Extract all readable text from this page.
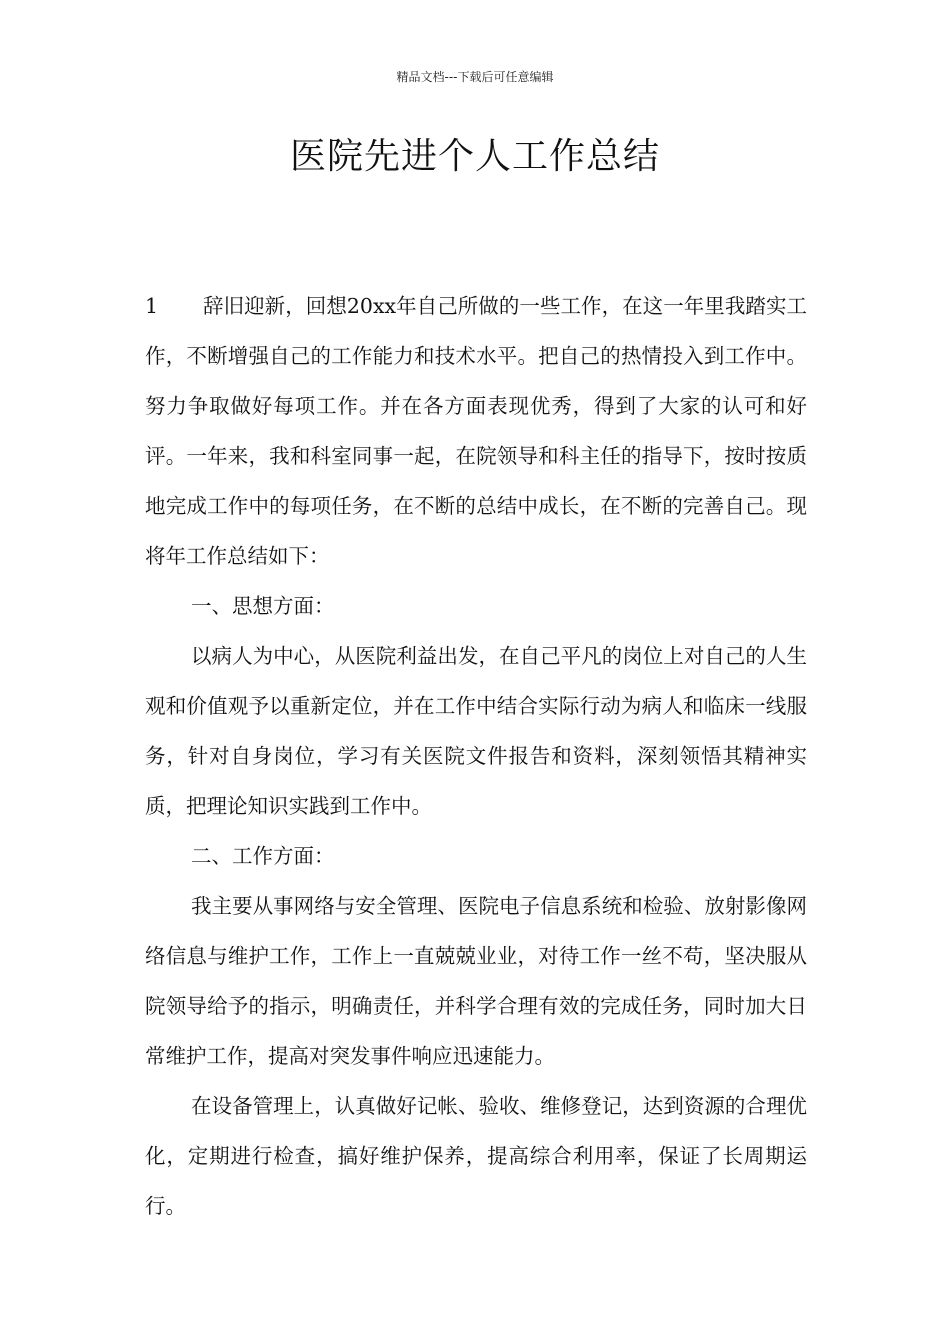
精品文档---下载后可任意编辑
医院先进个人工作总结

1 辞旧迎新，回想20xx年自己所做的一些工作，在这一年里我踏实工作，不断增强自己的工作能力和技术水平。把自己的热情投入到工作中。努力争取做好每项工作。并在各方面表现优秀，得到了大家的认可和好评。一年来，我和科室同事一起，在院领导和科主任的指导下，按时按质地完成工作中的每项任务，在不断的总结中成长，在不断的完善自己。现将年工作总结如下：

一、思想方面：

以病人为中心，从医院利益出发，在自己平凡的岗位上对自己的人生观和价值观予以重新定位，并在工作中结合实际行动为病人和临床一线服务，针对自身岗位，学习有关医院文件报告和资料，深刻领悟其精神实质，把理论知识实践到工作中。

二、工作方面：

我主要从事网络与安全管理、医院电子信息系统和检验、放射影像网络信息与维护工作，工作上一直兢兢业业，对待工作一丝不苟，坚决服从院领导给予的指示，明确责任，并科学合理有效的完成任务，同时加大日常维护工作，提高对突发事件响应迅速能力。

在设备管理上，认真做好记帐、验收、维修登记，达到资源的合理优化，定期进行检查，搞好维护保养，提高综合利用率，保证了长周期运行。
